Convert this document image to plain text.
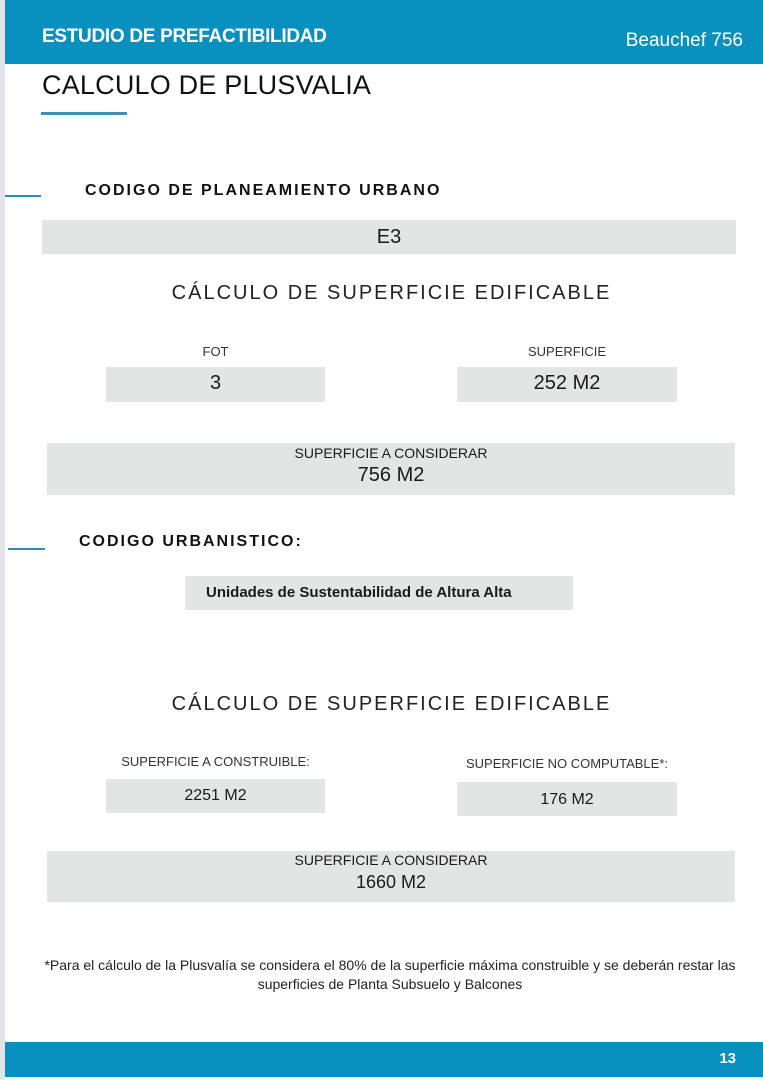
ESTUDIO DE PREFACTIBILIDAD	Beauchef 756
CALCULO DE PLUSVALIA
CODIGO DE PLANEAMIENTO URBANO
E3
CÁLCULO DE SUPERFICIE EDIFICABLE
FOT
3
SUPERFICIE
252 M2
SUPERFICIE A CONSIDERAR
756 M2
CODIGO URBANISTICO:
Unidades de Sustentabilidad de Altura Alta
CÁLCULO DE SUPERFICIE EDIFICABLE
SUPERFICIE A CONSTRUIBLE:
2251 M2
SUPERFICIE NO COMPUTABLE*:
176 M2
SUPERFICIE A CONSIDERAR
1660 M2
*Para el cálculo de la Plusvalía se considera el 80% de la superficie máxima construible y se deberán restar las superficies de Planta Subsuelo y Balcones
13
